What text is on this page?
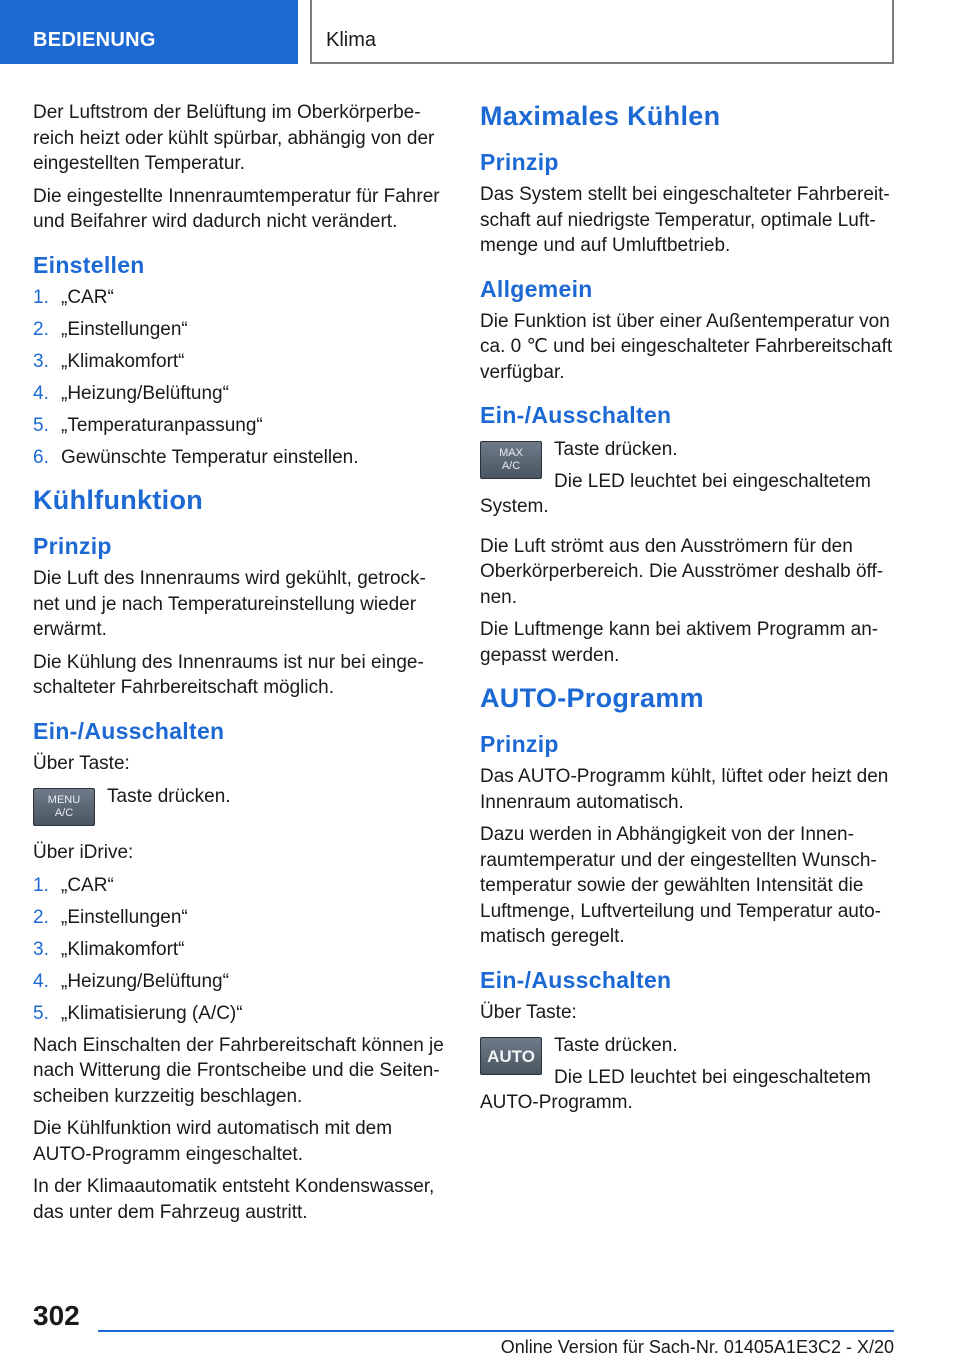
BEDIENUNG	Klima

Der Luftstrom der Belüftung im Oberkörperbe-reich heizt oder kühlt spürbar, abhängig von der eingestellten Temperatur.

Die eingestellte Innenraumtemperatur für Fahrer und Beifahrer wird dadurch nicht verändert.

Einstellen
1. „CAR“
2. „Einstellungen“
3. „Klimakomfort“
4. „Heizung/Belüftung“
5. „Temperaturanpassung“
6. Gewünschte Temperatur einstellen.
Kühlfunktion
Prinzip

Die Luft des Innenraums wird gekühlt, getrock-net und je nach Temperatureinstellung wieder erwärmt.

Die Kühlung des Innenraums ist nur bei einge-schalteter Fahrbereitschaft möglich.

Ein-/Ausschalten

Über Taste:

MENU
A/C

Taste drücken.

Über iDrive:

1. „CAR“
2. „Einstellungen“
3. „Klimakomfort“
4. „Heizung/Belüftung“
5. „Klimatisierung (A/C)“

Nach Einschalten der Fahrbereitschaft können je nach Witterung die Frontscheibe und die Seiten-scheiben kurzzeitig beschlagen.

Die Kühlfunktion wird automatisch mit dem AUTO-Programm eingeschaltet.

In der Klimaautomatik entsteht Kondenswasser, das unter dem Fahrzeug austritt.

Maximales Kühlen
Prinzip

Das System stellt bei eingeschalteter Fahrbereit-schaft auf niedrigste Temperatur, optimale Luft-menge und auf Umluftbetrieb.

Allgemein

Die Funktion ist über einer Außentemperatur von ca. 0 ℃ und bei eingeschalteter Fahrbereitschaft verfügbar.

Ein-/Ausschalten
MAX
A/C

Taste drücken.

Die LED leuchtet bei eingeschaltetem System.

Die Luft strömt aus den Ausströmern für den Oberkörperbereich. Die Ausströmer deshalb öff-nen.

Die Luftmenge kann bei aktivem Programm an-gepasst werden.

AUTO-Programm
Prinzip

Das AUTO-Programm kühlt, lüftet oder heizt den Innenraum automatisch.

Dazu werden in Abhängigkeit von der Innen-raumtemperatur und der eingestellten Wunsch-temperatur sowie der gewählten Intensität die Luftmenge, Luftverteilung und Temperatur auto-matisch geregelt.

Ein-/Ausschalten

Über Taste:

AUTO	Taste drücken.

Die LED leuchtet bei eingeschaltetem AUTO-Programm.

302
Online Version für Sach-Nr. 01405A1E3C2 - X/20
